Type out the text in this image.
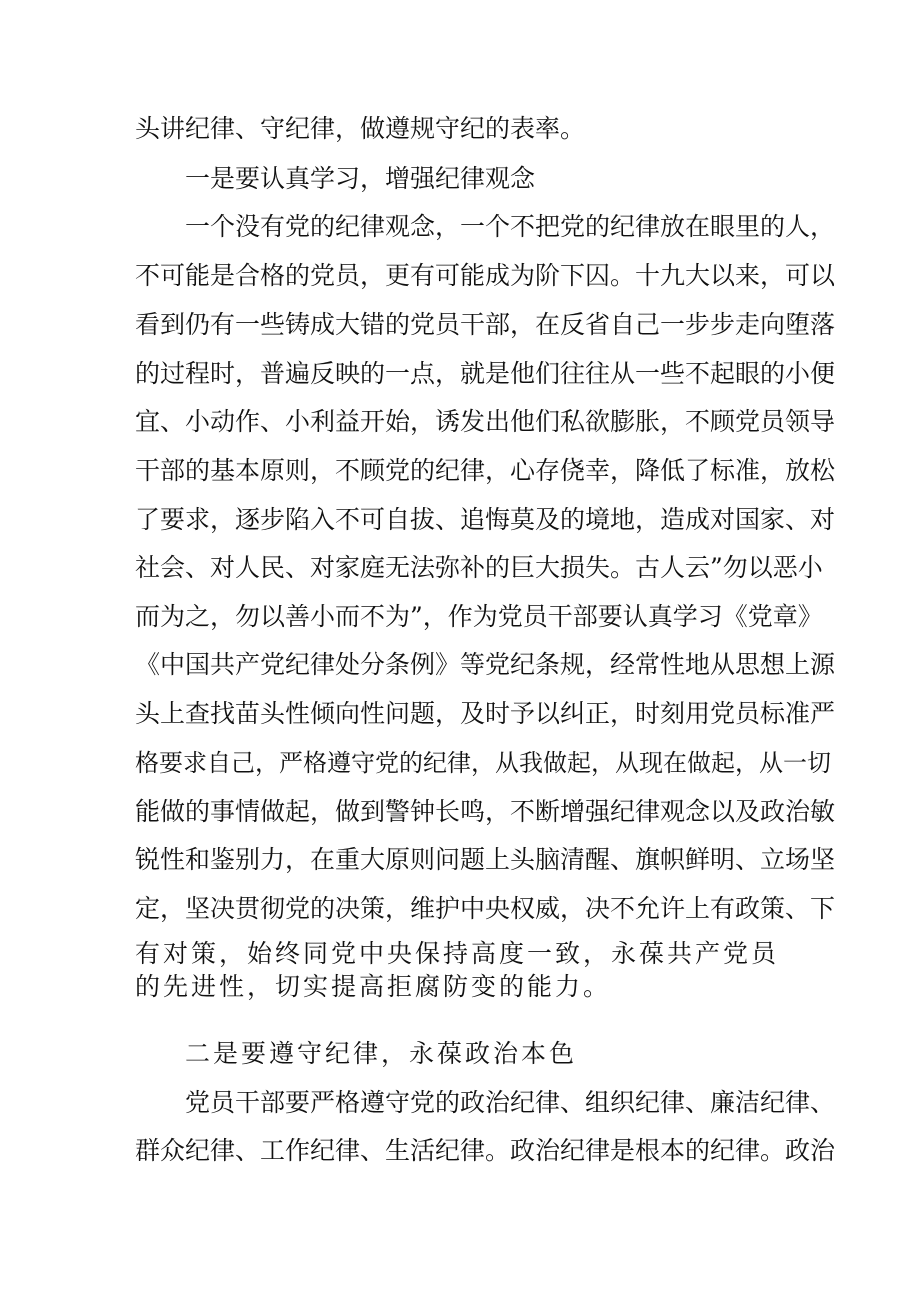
头讲纪律、守纪律，做遵规守纪的表率。
一是要认真学习，增强纪律观念
一个没有党的纪律观念，一个不把党的纪律放在眼里的人，
不可能是合格的党员，更有可能成为阶下囚。十九大以来，可以
看到仍有一些铸成大错的党员干部，在反省自己一步步走向堕落
的过程时，普遍反映的一点，就是他们往往从一些不起眼的小便
宜、小动作、小利益开始，诱发出他们私欲膨胀，不顾党员领导
干部的基本原则，不顾党的纪律，心存侥幸，降低了标准，放松
了要求，逐步陷入不可自拔、追悔莫及的境地，造成对国家、对
社会、对人民、对家庭无法弥补的巨大损失。古人云”勿以恶小
而为之，勿以善小而不为”，作为党员干部要认真学习《党章》
《中国共产党纪律处分条例》等党纪条规，经常性地从思想上源
头上查找苗头性倾向性问题，及时予以纠正，时刻用党员标准严
格要求自己，严格遵守党的纪律，从我做起，从现在做起，从一切
能做的事情做起，做到警钟长鸣，不断增强纪律观念以及政治敏
锐性和鉴别力，在重大原则问题上头脑清醒、旗帜鲜明、立场坚
定，坚决贯彻党的决策，维护中央权威，决不允许上有政策、下
有对策，始终同党中央保持高度一致，永葆共产党员
的先进性，切实提高拒腐防变的能力。
二是要遵守纪律，永葆政治本色
党员干部要严格遵守党的政治纪律、组织纪律、廉洁纪律、
群众纪律、工作纪律、生活纪律。政治纪律是根本的纪律。政治
